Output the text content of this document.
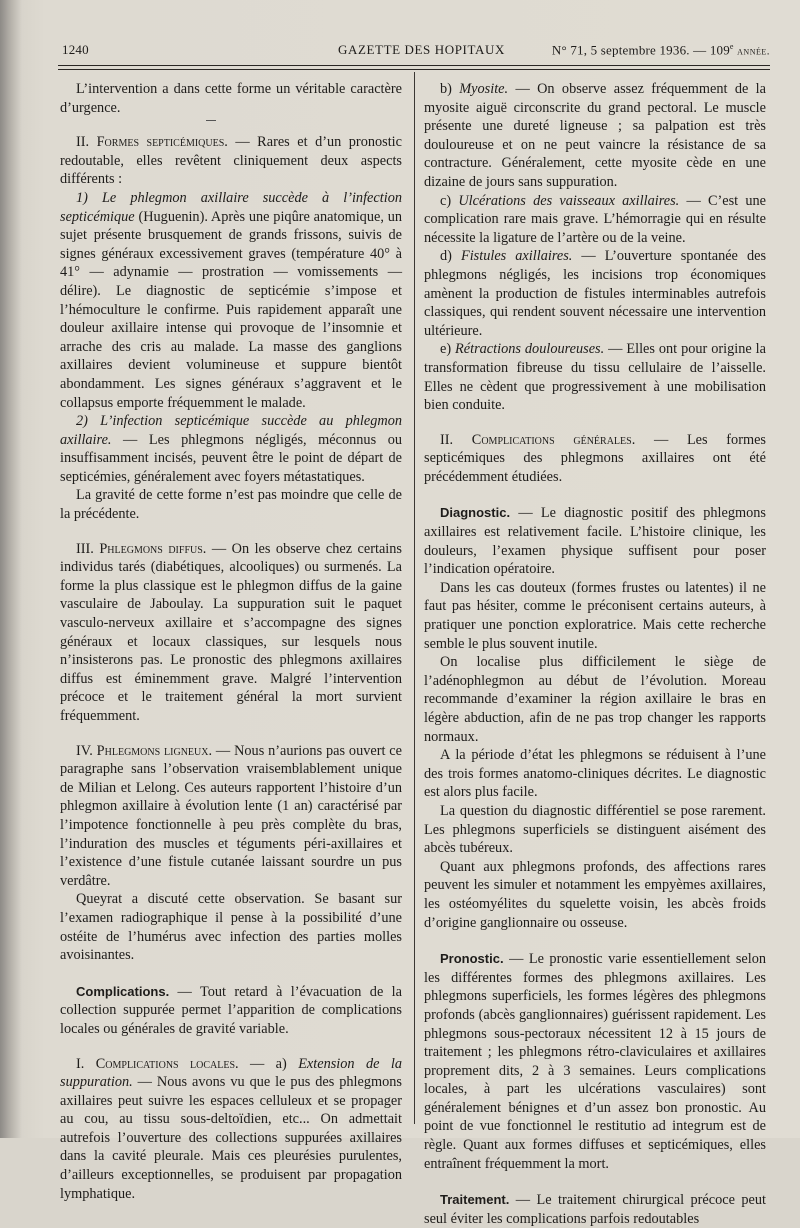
1240	GAZETTE DES HOPITAUX	N° 71, 5 septembre 1936. — 109e année.

L’intervention a dans cette forme un véritable caractère d’urgence.

II. Formes septicémiques. — Rares et d’un pronostic redoutable, elles revêtent cliniquement deux aspects différents :

1) Le phlegmon axillaire succède à l’infection septicémique (Huguenin). Après une piqûre anatomique, un sujet présente brusquement de grands frissons, suivis de signes généraux excessivement graves (température 40° à 41° — adynamie — prostration — vomissements — délire). Le diagnostic de septicémie s’impose et l’hémoculture le confirme. Puis rapidement apparaît une douleur axillaire intense qui provoque de l’insomnie et arrache des cris au malade. La masse des ganglions axillaires devient volumineuse et suppure bientôt abondamment. Les signes généraux s’aggravent et le collapsus emporte fréquemment le malade.

2) L’infection septicémique succède au phlegmon axillaire. — Les phlegmons négligés, méconnus ou insuffisamment incisés, peuvent être le point de départ de septicémies, généralement avec foyers métastatiques.

La gravité de cette forme n’est pas moindre que celle de la précédente.

III. Phlegmons diffus. — On les observe chez certains individus tarés (diabétiques, alcooliques) ou surmenés. La forme la plus classique est le phlegmon diffus de la gaine vasculaire de Jaboulay. La suppuration suit le paquet vasculo-nerveux axillaire et s’accompagne des signes généraux et locaux classiques, sur lesquels nous n’insisterons pas. Le pronostic des phlegmons axillaires diffus est éminemment grave. Malgré l’intervention précoce et le traitement général la mort survient fréquemment.

IV. Phlegmons ligneux. — Nous n’aurions pas ouvert ce paragraphe sans l’observation vraisemblablement unique de Milian et Lelong. Ces auteurs rapportent l’histoire d’un phlegmon axillaire à évolution lente (1 an) caractérisé par l’impotence fonctionnelle à peu près complète du bras, l’induration des muscles et téguments péri-axillaires et l’existence d’une fistule cutanée laissant sourdre un pus verdâtre.

Queyrat a discuté cette observation. Se basant sur l’examen radiographique il pense à la possibilité d’une ostéite de l’humérus avec infection des parties molles avoisinantes.

Complications. — Tout retard à l’évacuation de la collection suppurée permet l’apparition de complications locales ou générales de gravité variable.

I. Complications locales. — a) Extension de la suppuration. — Nous avons vu que le pus des phlegmons axillaires peut suivre les espaces celluleux et se propager au cou, au tissu sous-deltoïdien, etc... On admettait autrefois l’ouverture des collections suppurées axillaires dans la cavité pleurale. Mais ces pleurésies purulentes, d’ailleurs exceptionnelles, se produisent par propagation lymphatique.

b) Myosite. — On observe assez fréquemment de la myosite aiguë circonscrite du grand pectoral. Le muscle présente une dureté ligneuse ; sa palpation est très douloureuse et on ne peut vaincre la résistance de sa contracture. Généralement, cette myosite cède en une dizaine de jours sans suppuration.

c) Ulcérations des vaisseaux axillaires. — C’est une complication rare mais grave. L’hémorragie qui en résulte nécessite la ligature de l’artère ou de la veine.

d) Fistules axillaires. — L’ouverture spontanée des phlegmons négligés, les incisions trop économiques amènent la production de fistules interminables autrefois classiques, qui rendent souvent nécessaire une intervention ultérieure.

e) Rétractions douloureuses. — Elles ont pour origine la transformation fibreuse du tissu cellulaire de l’aisselle. Elles ne cèdent que progressivement à une mobilisation bien conduite.

II. Complications générales. — Les formes septicémiques des phlegmons axillaires ont été précédemment étudiées.

Diagnostic. — Le diagnostic positif des phlegmons axillaires est relativement facile. L’histoire clinique, les douleurs, l’examen physique suffisent pour poser l’indication opératoire.

Dans les cas douteux (formes frustes ou latentes) il ne faut pas hésiter, comme le préconisent certains auteurs, à pratiquer une ponction exploratrice. Mais cette recherche semble le plus souvent inutile.

On localise plus difficilement le siège de l’adénophlegmon au début de l’évolution. Moreau recommande d’examiner la région axillaire le bras en légère abduction, afin de ne pas trop changer les rapports normaux.

A la période d’état les phlegmons se réduisent à l’une des trois formes anatomo-cliniques décrites. Le diagnostic est alors plus facile.

La question du diagnostic différentiel se pose rarement. Les phlegmons superficiels se distinguent aisément des abcès tubéreux.

Quant aux phlegmons profonds, des affections rares peuvent les simuler et notamment les empyèmes axillaires, les ostéomyélites du squelette voisin, les abcès froids d’origine ganglionnaire ou osseuse.

Pronostic. — Le pronostic varie essentiellement selon les différentes formes des phlegmons axillaires. Les phlegmons superficiels, les formes légères des phlegmons profonds (abcès ganglionnaires) guérissent rapidement. Les phlegmons sous-pectoraux nécessitent 12 à 15 jours de traitement ; les phlegmons rétro-claviculaires et axillaires proprement dits, 2 à 3 semaines. Leurs complications locales, à part les ulcérations vasculaires) sont généralement bénignes et d’un assez bon pronostic. Au point de vue fonctionnel le restitutio ad integrum est de règle. Quant aux formes diffuses et septicémiques, elles entraînent fréquemment la mort.

Traitement. — Le traitement chirurgical précoce peut seul éviter les complications parfois redoutables
